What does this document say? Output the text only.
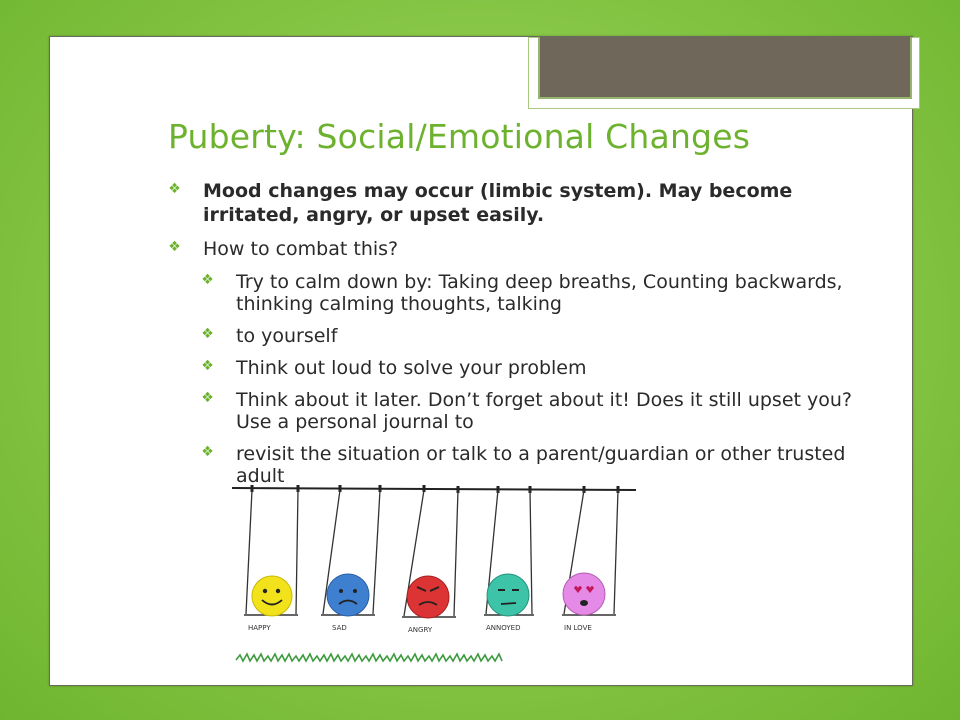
Puberty: Social/Emotional Changes
❖ Mood changes may occur (limbic system). May become irritated, angry, or upset easily.
❖ How to combat this?
❖ Try to calm down by: Taking deep breaths, Counting backwards, thinking calming thoughts, talking
❖ to yourself
❖ Think out loud to solve your problem
❖ Think about it later. Don’t forget about it! Does it still upset you? Use a personal journal to
❖ revisit the situation or talk to a parent/guardian or other trusted adult
HAPPY	SAD	ANGRY	ANNOYED	IN LOVE
